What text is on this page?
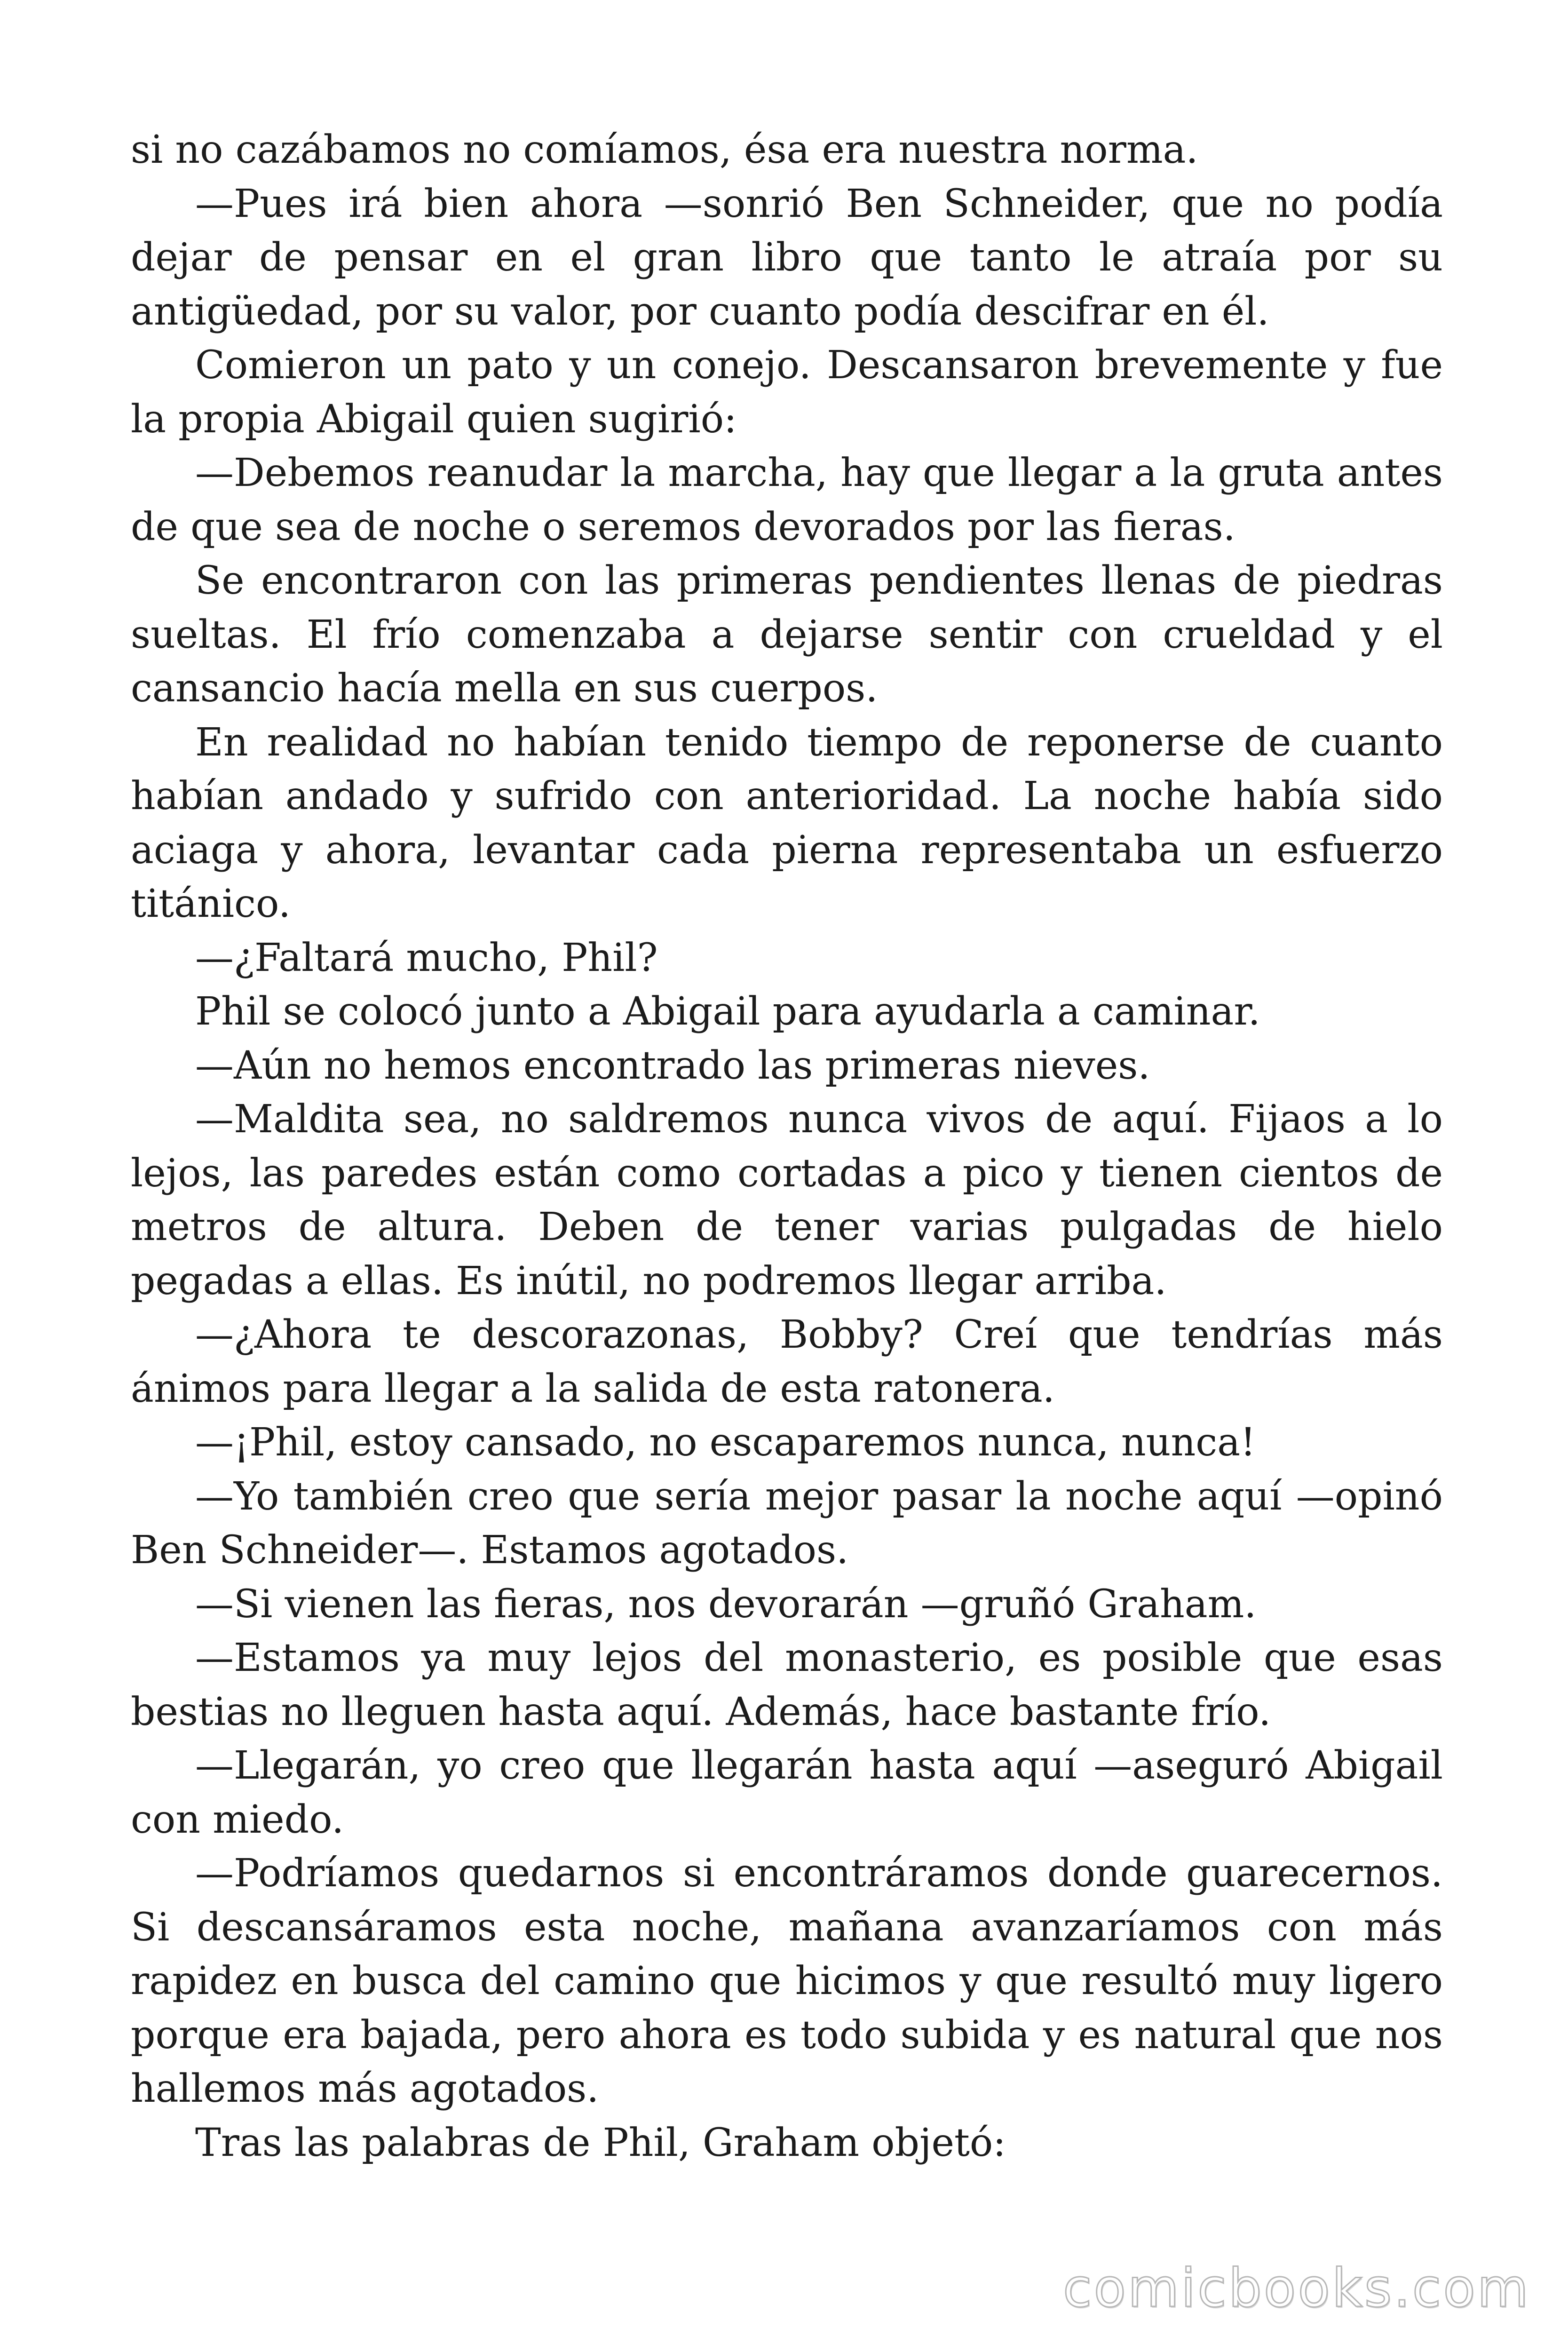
si no cazábamos no comíamos, ésa era nuestra norma.

—Pues irá bien ahora —sonrió Ben Schneider, que no podía dejar de pensar en el gran libro que tanto le atraía por su antigüedad, por su valor, por cuanto podía descifrar en él.

Comieron un pato y un conejo. Descansaron brevemente y fue la propia Abigail quien sugirió:

—Debemos reanudar la marcha, hay que llegar a la gruta antes de que sea de noche o seremos devorados por las fieras.

Se encontraron con las primeras pendientes llenas de piedras sueltas. El frío comenzaba a dejarse sentir con crueldad y el cansancio hacía mella en sus cuerpos.

En realidad no habían tenido tiempo de reponerse de cuanto habían andado y sufrido con anterioridad. La noche había sido aciaga y ahora, levantar cada pierna representaba un esfuerzo titánico.

—¿Faltará mucho, Phil?

Phil se colocó junto a Abigail para ayudarla a caminar.

—Aún no hemos encontrado las primeras nieves.

—Maldita sea, no saldremos nunca vivos de aquí. Fijaos a lo lejos, las paredes están como cortadas a pico y tienen cientos de metros de altura. Deben de tener varias pulgadas de hielo pegadas a ellas. Es inútil, no podremos llegar arriba.

—¿Ahora te descorazonas, Bobby? Creí que tendrías más ánimos para llegar a la salida de esta ratonera.

—¡Phil, estoy cansado, no escaparemos nunca, nunca!

—Yo también creo que sería mejor pasar la noche aquí —opinó Ben Schneider—. Estamos agotados.

—Si vienen las fieras, nos devorarán —gruñó Graham.

—Estamos ya muy lejos del monasterio, es posible que esas bestias no lleguen hasta aquí. Además, hace bastante frío.

—Llegarán, yo creo que llegarán hasta aquí —aseguró Abigail con miedo.

—Podríamos quedarnos si encontráramos donde guarecernos. Si descansáramos esta noche, mañana avanzaríamos con más rapidez en busca del camino que hicimos y que resultó muy ligero porque era bajada, pero ahora es todo subida y es natural que nos hallemos más agotados.

Tras las palabras de Phil, Graham objetó:

comicbooks.com
